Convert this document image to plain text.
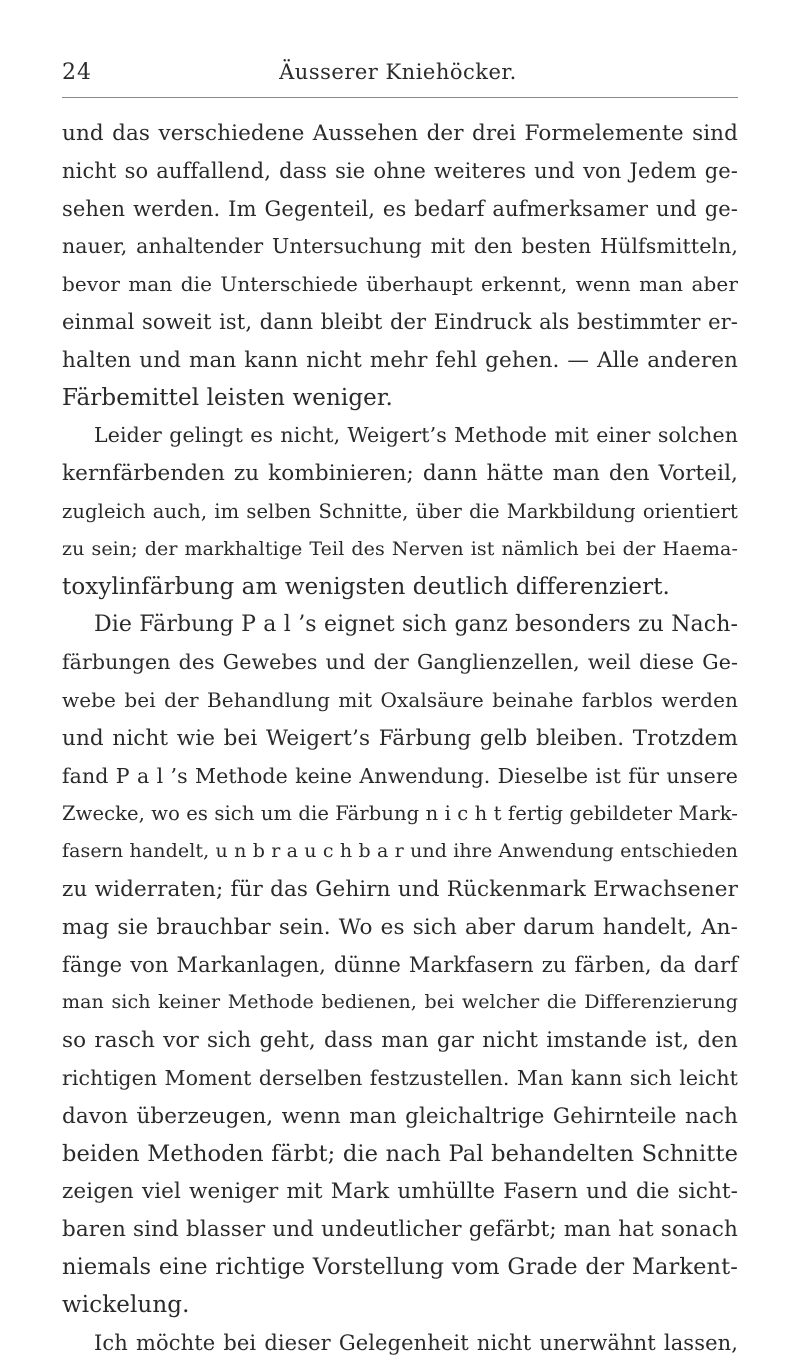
24	Äusserer Kniehöcker.
und das verschiedene Aussehen der drei Formelemente sind
nicht so auffallend, dass sie ohne weiteres und von Jedem ge-
sehen werden. Im Gegenteil, es bedarf aufmerksamer und ge-
nauer, anhaltender Untersuchung mit den besten Hülfsmitteln,
bevor man die Unterschiede überhaupt erkennt, wenn man aber
einmal soweit ist, dann bleibt der Eindruck als bestimmter er-
halten und man kann nicht mehr fehl gehen. — Alle anderen
Färbemittel leisten weniger.
Leider gelingt es nicht, Weigert’s Methode mit einer solchen
kernfärbenden zu kombinieren; dann hätte man den Vorteil,
zugleich auch, im selben Schnitte, über die Markbildung orientiert
zu sein; der markhaltige Teil des Nerven ist nämlich bei der Haema-
toxylinfärbung am wenigsten deutlich differenziert.
Die Färbung P a l ’s eignet sich ganz besonders zu Nach-
färbungen des Gewebes und der Ganglienzellen, weil diese Ge-
webe bei der Behandlung mit Oxalsäure beinahe farblos werden
und nicht wie bei Weigert’s Färbung gelb bleiben. Trotzdem
fand P a l ’s Methode keine Anwendung. Dieselbe ist für unsere
Zwecke, wo es sich um die Färbung n i c h t fertig gebildeter Mark-
fasern handelt, u n b r a u c h b a r und ihre Anwendung entschieden
zu widerraten; für das Gehirn und Rückenmark Erwachsener
mag sie brauchbar sein. Wo es sich aber darum handelt, An-
fänge von Markanlagen, dünne Markfasern zu färben, da darf
man sich keiner Methode bedienen, bei welcher die Differenzierung
so rasch vor sich geht, dass man gar nicht imstande ist, den
richtigen Moment derselben festzustellen. Man kann sich leicht
davon überzeugen, wenn man gleichaltrige Gehirnteile nach
beiden Methoden färbt; die nach Pal behandelten Schnitte
zeigen viel weniger mit Mark umhüllte Fasern und die sicht-
baren sind blasser und undeutlicher gefärbt; man hat sonach
niemals eine richtige Vorstellung vom Grade der Markent-
wickelung.
Ich möchte bei dieser Gelegenheit nicht unerwähnt lassen,
